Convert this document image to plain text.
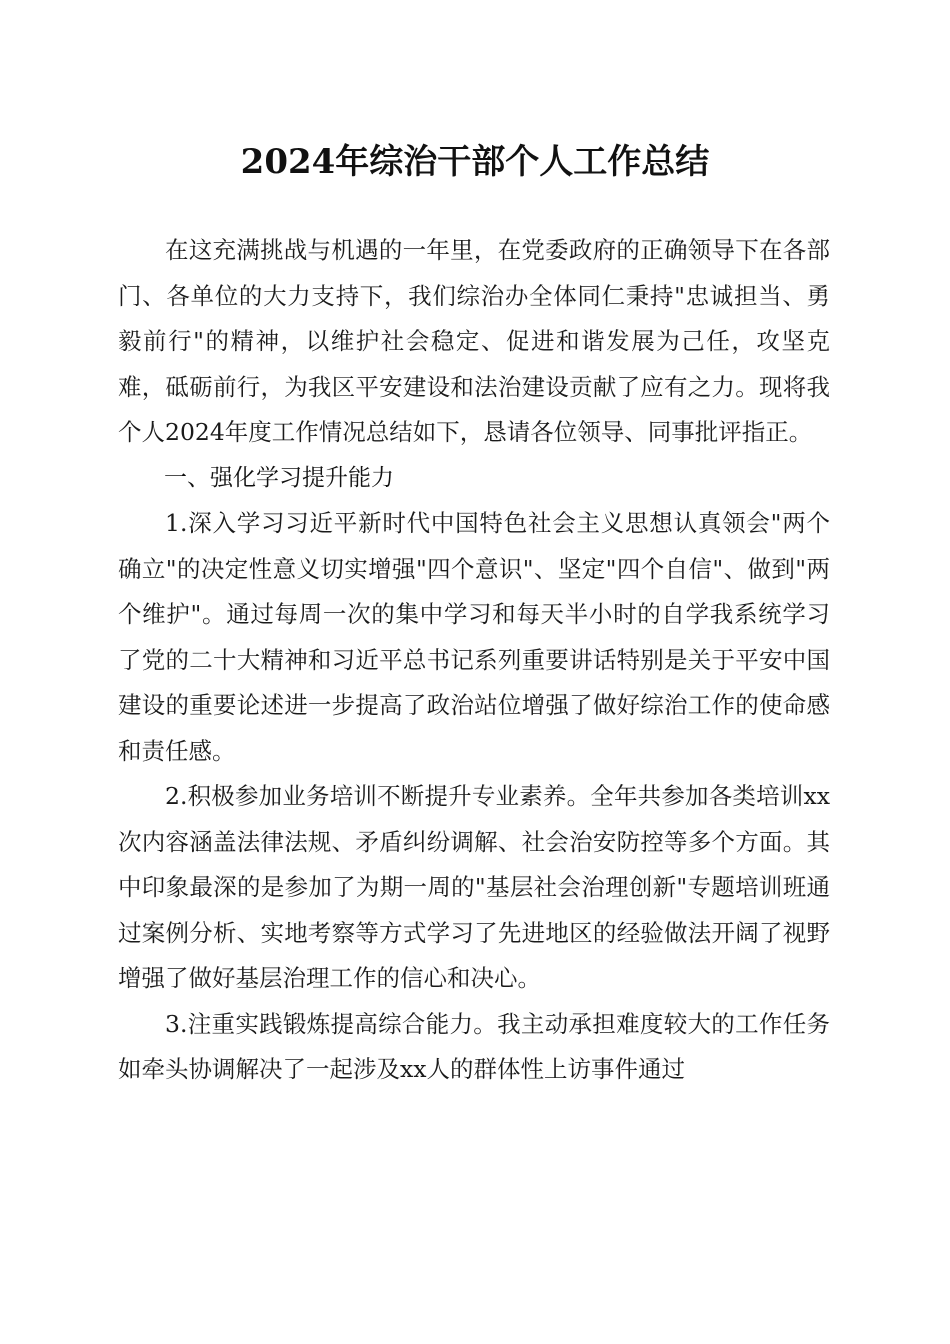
2024年综治干部个人工作总结

在这充满挑战与机遇的一年里，在党委政府的正确领导下在各部门、各单位的大力支持下，我们综治办全体同仁秉持"忠诚担当、勇毅前行"的精神，以维护社会稳定、促进和谐发展为己任，攻坚克难，砥砺前行，为我区平安建设和法治建设贡献了应有之力。现将我个人2024年度工作情况总结如下，恳请各位领导、同事批评指正。

一、强化学习提升能力

1.深入学习习近平新时代中国特色社会主义思想认真领会"两个确立"的决定性意义切实增强"四个意识"、坚定"四个自信"、做到"两个维护"。通过每周一次的集中学习和每天半小时的自学我系统学习了党的二十大精神和习近平总书记系列重要讲话特别是关于平安中国建设的重要论述进一步提高了政治站位增强了做好综治工作的使命感和责任感。

2.积极参加业务培训不断提升专业素养。全年共参加各类培训xx次内容涵盖法律法规、矛盾纠纷调解、社会治安防控等多个方面。其中印象最深的是参加了为期一周的"基层社会治理创新"专题培训班通过案例分析、实地考察等方式学习了先进地区的经验做法开阔了视野增强了做好基层治理工作的信心和决心。

3.注重实践锻炼提高综合能力。我主动承担难度较大的工作任务如牵头协调解决了一起涉及xx人的群体性上访事件通过
